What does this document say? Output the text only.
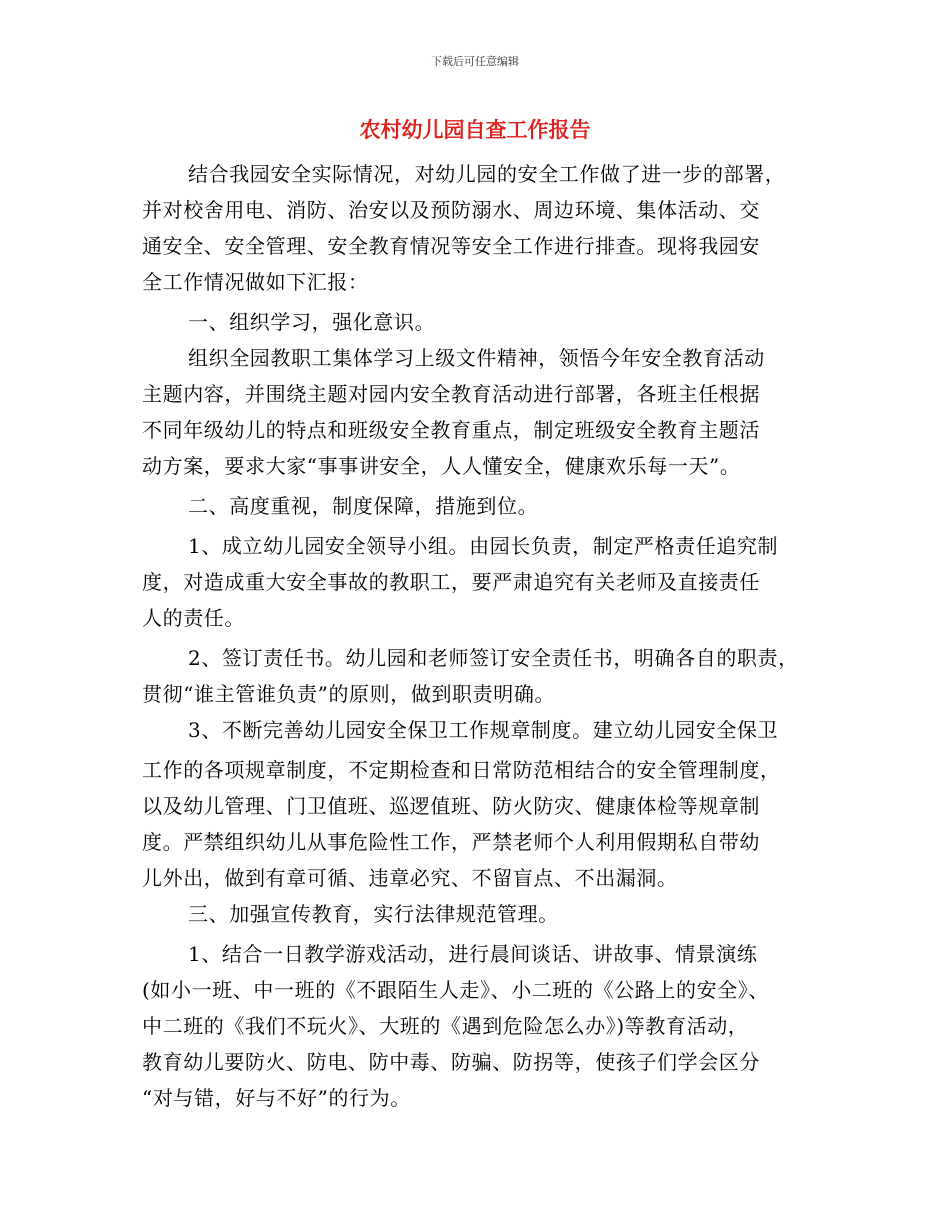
下载后可任意编辑
农村幼儿园自查工作报告
结合我园安全实际情况，对幼儿园的安全工作做了进一步的部署，
并对校舍用电、消防、治安以及预防溺水、周边环境、集体活动、交
通安全、安全管理、安全教育情况等安全工作进行排查。现将我园安
全工作情况做如下汇报：
一、组织学习，强化意识。
组织全园教职工集体学习上级文件精神，领悟今年安全教育活动
主题内容，并围绕主题对园内安全教育活动进行部署，各班主任根据
不同年级幼儿的特点和班级安全教育重点，制定班级安全教育主题活
动方案，要求大家“事事讲安全，人人懂安全，健康欢乐每一天”。
二、高度重视，制度保障，措施到位。
1、成立幼儿园安全领导小组。由园长负责，制定严格责任追究制
度，对造成重大安全事故的教职工，要严肃追究有关老师及直接责任
人的责任。
2、签订责任书。幼儿园和老师签订安全责任书，明确各自的职责，
贯彻“谁主管谁负责”的原则，做到职责明确。
3、不断完善幼儿园安全保卫工作规章制度。建立幼儿园安全保卫
工作的各项规章制度，不定期检查和日常防范相结合的安全管理制度，
以及幼儿管理、门卫值班、巡逻值班、防火防灾、健康体检等规章制
度。严禁组织幼儿从事危险性工作，严禁老师个人利用假期私自带幼
儿外出，做到有章可循、违章必究、不留盲点、不出漏洞。
三、加强宣传教育，实行法律规范管理。
1、结合一日教学游戏活动，进行晨间谈话、讲故事、情景演练
(如小一班、中一班的《不跟陌生人走》、小二班的《公路上的安全》、
中二班的《我们不玩火》、大班的《遇到危险怎么办》)等教育活动，
教育幼儿要防火、防电、防中毒、防骗、防拐等，使孩子们学会区分
“对与错，好与不好”的行为。
